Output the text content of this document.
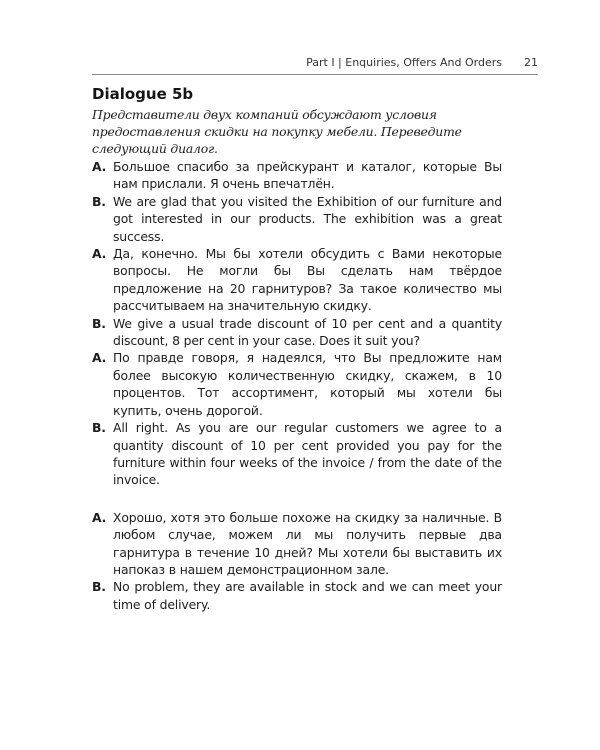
Part I | Enquiries, Offers And Orders 21
Dialogue 5b
Представители двух компаний обсуждают условия предоставления скидки на покупку мебели. Переведите следующий диалог.
A. Большое спасибо за прейскурант и каталог, которые Вы нам прислали. Я очень впечатлён.
B. We are glad that you visited the Exhibition of our furniture and got interested in our products. The exhibition was a great success.
A. Да, конечно. Мы бы хотели обсудить с Вами некоторые вопросы. Не могли бы Вы сделать нам твёрдое предложение на 20 гарнитуров? За такое количество мы рассчитываем на значительную скидку.
B. We give a usual trade discount of 10 per cent and a quantity discount, 8 per cent in your case. Does it suit you?
A. По правде говоря, я надеялся, что Вы предложите нам более высокую количественную скидку, скажем, в 10 процентов. Тот ассортимент, который мы хотели бы купить, очень дорогой.
B. All right. As you are our regular customers we agree to a quantity discount of 10 per cent provided you pay for the furniture within four weeks of the invoice / from the date of the invoice.
A. Хорошо, хотя это больше похоже на скидку за наличные. В любом случае, можем ли мы получить первые два гарнитура в течение 10 дней? Мы хотели бы выставить их напоказ в нашем демонстрационном зале.
B. No problem, they are available in stock and we can meet your time of delivery.
